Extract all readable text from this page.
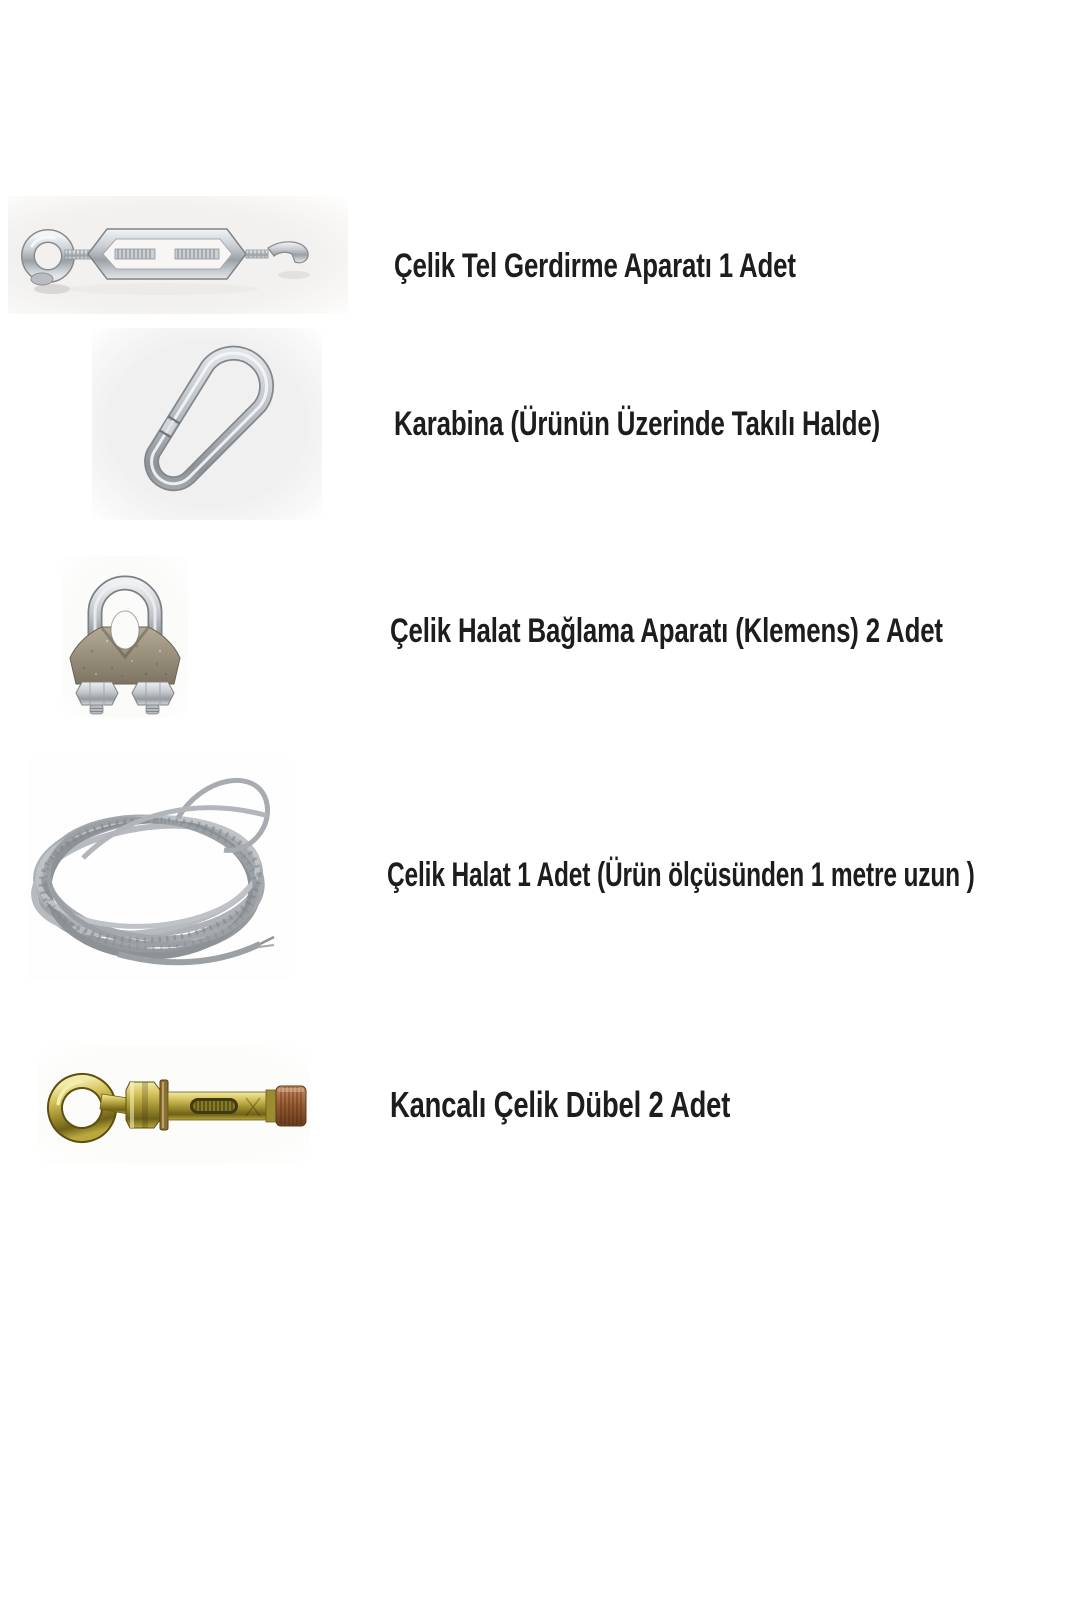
Çelik Tel Gerdirme Aparatı 1 Adet
Karabina (Ürünün Üzerinde Takılı Halde)
Çelik Halat Bağlama Aparatı (Klemens) 2 Adet
Çelik Halat 1 Adet (Ürün ölçüsünden 1 metre uzun )
Kancalı Çelik Dübel 2 Adet
